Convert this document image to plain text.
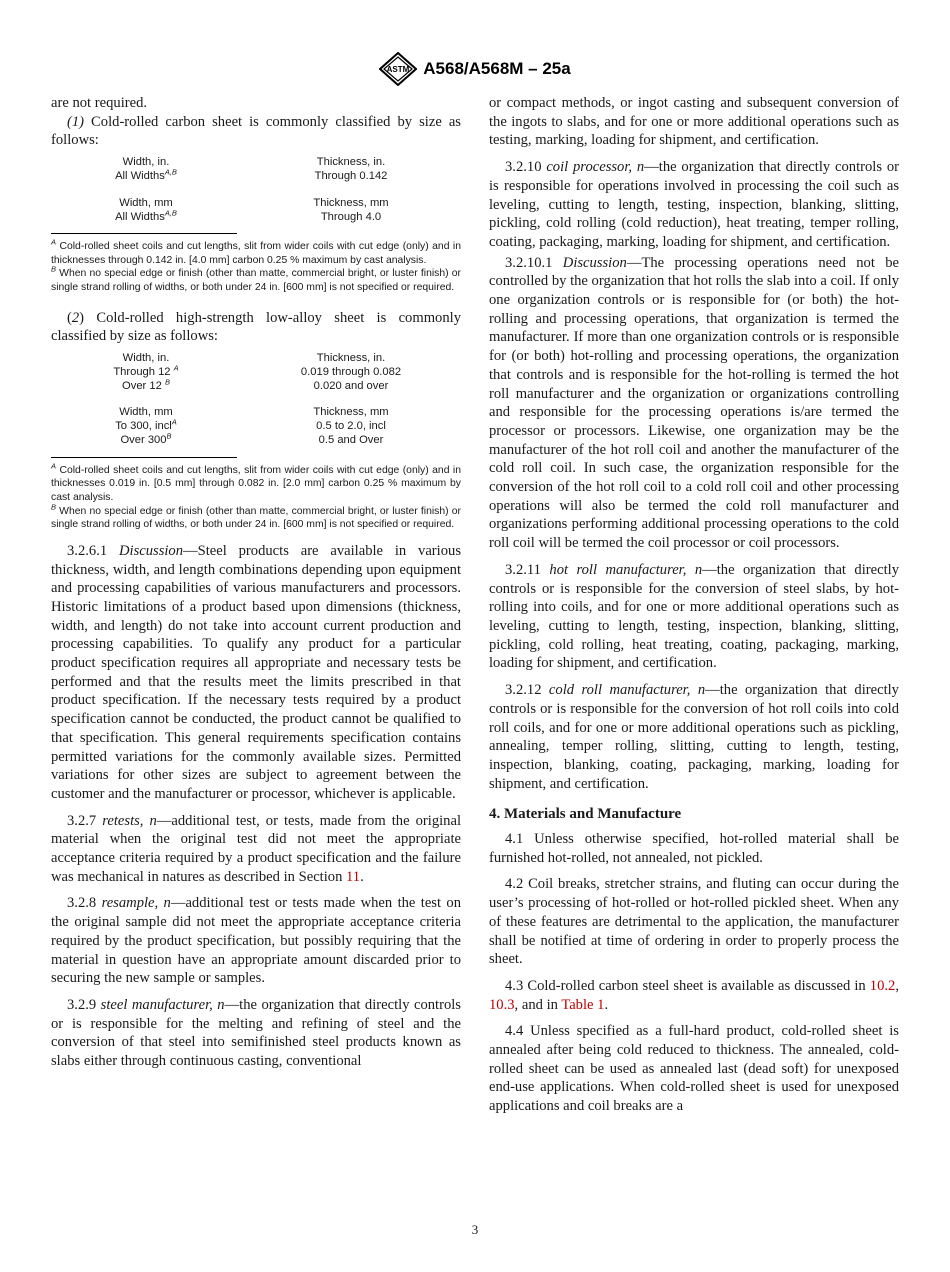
ASTM A568/A568M – 25a

are not required.

(1) Cold-rolled carbon sheet is commonly classified by size as follows:

Width, in.
All Widths$^{A,B}$
Width, mm
All Widths$^{A,B}$
Thickness, in.
Through 0.142
Thickness, mm
Through 4.0

$^A$ Cold-rolled sheet coils and cut lengths, slit from wider coils with cut edge (only) and in thicknesses through 0.142 in. [4.0 mm] carbon 0.25 % maximum by cast analysis.

$^B$ When no special edge or finish (other than matte, commercial bright, or luster finish) or single strand rolling of widths, or both under 24 in. [600 mm] is not specified or required.

(2) Cold-rolled high-strength low-alloy sheet is commonly classified by size as follows:

Width, in.
Through 12 $^A$
Over 12 $^B$
Width, mm
To 300, incl$^A$
Over $300^B$
Thickness, in.
0.019 through 0.082
0.020 and over
Thickness, mm
0.5 to 2.0, incl
0.5 and Over

$^A$ Cold-rolled sheet coils and cut lengths, slit from wider coils with cut edge (only) and in thicknesses 0.019 in. [0.5 mm] through 0.082 in. [2.0 mm] carbon 0.25 % maximum by cast analysis.

$^B$ When no special edge or finish (other than matte, commercial bright, or luster finish) or single strand rolling of widths, or both under 24 in. [600 mm] is not specified or required.

3.2.6.1 Discussion—Steel products are available in various thickness, width, and length combinations depending upon equipment and processing capabilities of various manufacturers and processors. Historic limitations of a product based upon dimensions (thickness, width, and length) do not take into account current production and processing capabilities. To qualify any product for a particular product specification requires all appropriate and necessary tests be performed and that the results meet the limits prescribed in that product specification. If the necessary tests required by a product specification cannot be conducted, the product cannot be qualified to that specification. This general requirements specification contains permitted variations for the commonly available sizes. Permitted variations for other sizes are subject to agreement between the customer and the manufacturer or processor, whichever is applicable.

3.2.7 retests, n—additional test, or tests, made from the original material when the original test did not meet the appropriate acceptance criteria required by a product specification and the failure was mechanical in natures as described in Section 11.

3.2.8 resample, n—additional test or tests made when the test on the original sample did not meet the appropriate acceptance criteria required by the product specification, but possibly requiring that the material in question have an appropriate amount discarded prior to securing the new sample or samples.

3.2.9 steel manufacturer, n—the organization that directly controls or is responsible for the melting and refining of steel and the conversion of that steel into semifinished steel products known as slabs either through continuous casting, conventional

or compact methods, or ingot casting and subsequent conversion of the ingots to slabs, and for one or more additional operations such as testing, marking, loading for shipment, and certification.

3.2.10 coil processor, n—the organization that directly controls or is responsible for operations involved in processing the coil such as leveling, cutting to length, testing, inspection, blanking, slitting, pickling, cold rolling (cold reduction), heat treating, temper rolling, coating, packaging, marking, loading for shipment, and certification.

3.2.10.1 Discussion—The processing operations need not be controlled by the organization that hot rolls the slab into a coil. If only one organization controls or is responsible for (or both) the hot-rolling and processing operations, that organization is termed the manufacturer. If more than one organization controls or is responsible for (or both) hot-rolling and processing operations, the organization that controls and is responsible for the hot-rolling is termed the hot roll manufacturer and the organization or organizations controlling and responsible for the processing operations is/are termed the processor or processors. Likewise, one organization may be the manufacturer of the hot roll coil and another the manufacturer of the cold roll coil. In such case, the organization responsible for the conversion of the hot roll coil to a cold roll coil and other processing operations will also be termed the cold roll manufacturer and organizations performing additional processing operations to the cold roll coil will be termed the coil processor or coil processors.

3.2.11 hot roll manufacturer, n—the organization that directly controls or is responsible for the conversion of steel slabs, by hot-rolling into coils, and for one or more additional operations such as leveling, cutting to length, testing, inspection, blanking, slitting, pickling, cold rolling, heat treating, coating, packaging, marking, loading for shipment, and certification.

3.2.12 cold roll manufacturer, n—the organization that directly controls or is responsible for the conversion of hot roll coils into cold roll coils, and for one or more additional operations such as pickling, annealing, temper rolling, slitting, cutting to length, testing, inspection, blanking, coating, packaging, marking, loading for shipment, and certification.

4. Materials and Manufacture

4.1 Unless otherwise specified, hot-rolled material shall be furnished hot-rolled, not annealed, not pickled.

4.2 Coil breaks, stretcher strains, and fluting can occur during the user’s processing of hot-rolled or hot-rolled pickled sheet. When any of these features are detrimental to the application, the manufacturer shall be notified at time of ordering in order to properly process the sheet.

4.3 Cold-rolled carbon steel sheet is available as discussed in 10.2, 10.3, and in Table 1.

4.4 Unless specified as a full-hard product, cold-rolled sheet is annealed after being cold reduced to thickness. The annealed, cold-rolled sheet can be used as annealed last (dead soft) for unexposed end-use applications. When cold-rolled sheet is used for unexposed applications and coil breaks are a

3
